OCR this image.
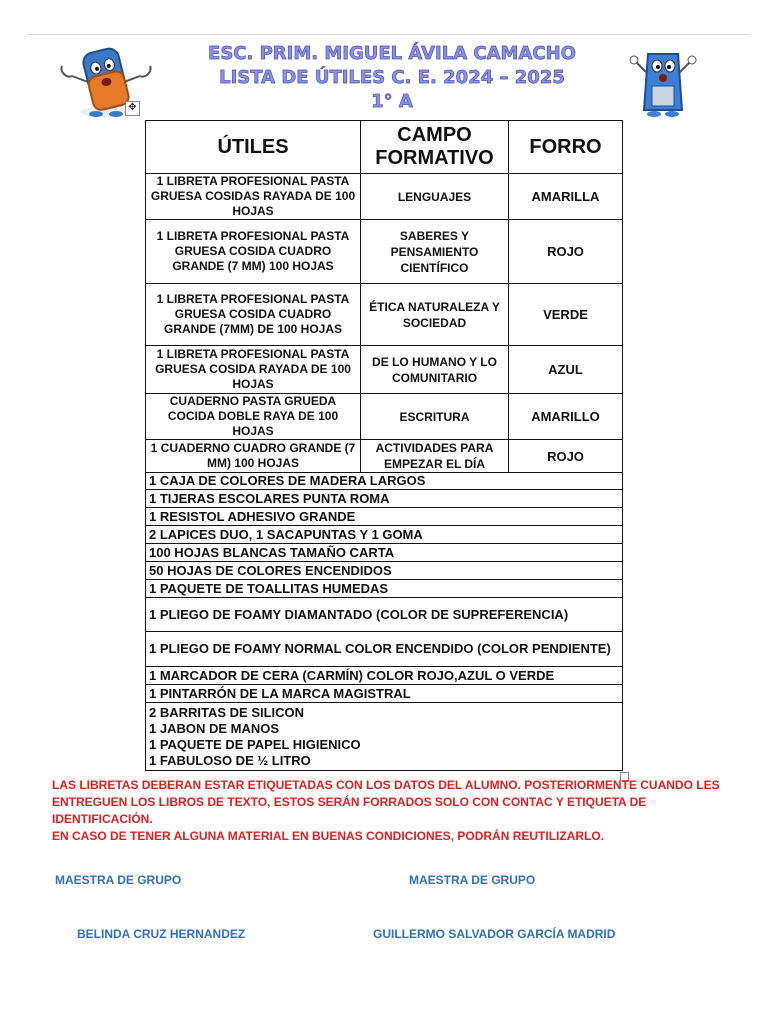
ESC. PRIM. MIGUEL ÁVILA CAMACHO
LISTA DE ÚTILES C. E. 2024 – 2025
1° A
✥
ÚTILES	CAMPO FORMATIVO	FORRO
1 LIBRETA PROFESIONAL PASTA GRUESA COSIDAS RAYADA DE 100 HOJAS	LENGUAJES	AMARILLA
1 LIBRETA PROFESIONAL PASTA GRUESA COSIDA CUADRO GRANDE (7 MM) 100 HOJAS	SABERES Y PENSAMIENTO CIENTÍFICO	ROJO
1 LIBRETA PROFESIONAL PASTA GRUESA COSIDA CUADRO GRANDE (7MM) DE 100 HOJAS	ÉTICA NATURALEZA Y SOCIEDAD	VERDE
1 LIBRETA PROFESIONAL PASTA GRUESA COSIDA RAYADA DE 100 HOJAS	DE LO HUMANO Y LO COMUNITARIO	AZUL
CUADERNO PASTA GRUEDA COCIDA DOBLE RAYA DE 100 HOJAS	ESCRITURA	AMARILLO
1 CUADERNO CUADRO GRANDE (7 MM) 100 HOJAS	ACTIVIDADES PARA EMPEZAR EL DÍA	ROJO
1 CAJA DE COLORES DE MADERA LARGOS		
1 TIJERAS ESCOLARES PUNTA ROMA		
1 RESISTOL ADHESIVO GRANDE		
2 LAPICES DUO, 1 SACAPUNTAS Y 1 GOMA		
100 HOJAS BLANCAS TAMAÑO CARTA		
50 HOJAS DE COLORES ENCENDIDOS		
1 PAQUETE DE TOALLITAS HUMEDAS		
1 PLIEGO DE FOAMY DIAMANTADO (COLOR DE SUPREFERENCIA)		
1 PLIEGO DE FOAMY NORMAL COLOR ENCENDIDO (COLOR PENDIENTE)		
1 MARCADOR DE CERA (CARMÍN) COLOR ROJO,AZUL O VERDE		
1 PINTARRÓN DE LA MARCA MAGISTRAL		

2 BARRITAS DE SILICON
1 JABON DE MANOS
1 PAQUETE DE PAPEL HIGIENICO
1 FABULOSO DE ½ LITRO		
LAS LIBRETAS DEBERAN ESTAR ETIQUETADAS CON LOS DATOS DEL ALUMNO. POSTERIORMENTE CUANDO LES ENTREGUEN LOS LIBROS DE TEXTO, ESTOS SERÁN FORRADOS SOLO CON CONTAC Y ETIQUETA DE IDENTIFICACIÓN.
EN CASO DE TENER ALGUNA MATERIAL EN BUENAS CONDICIONES, PODRÁN REUTILIZARLO.
MAESTRA DE GRUPO	MAESTRA DE GRUPO
BELINDA CRUZ HERNANDEZ	GUILLERMO SALVADOR GARCÍA MADRID
